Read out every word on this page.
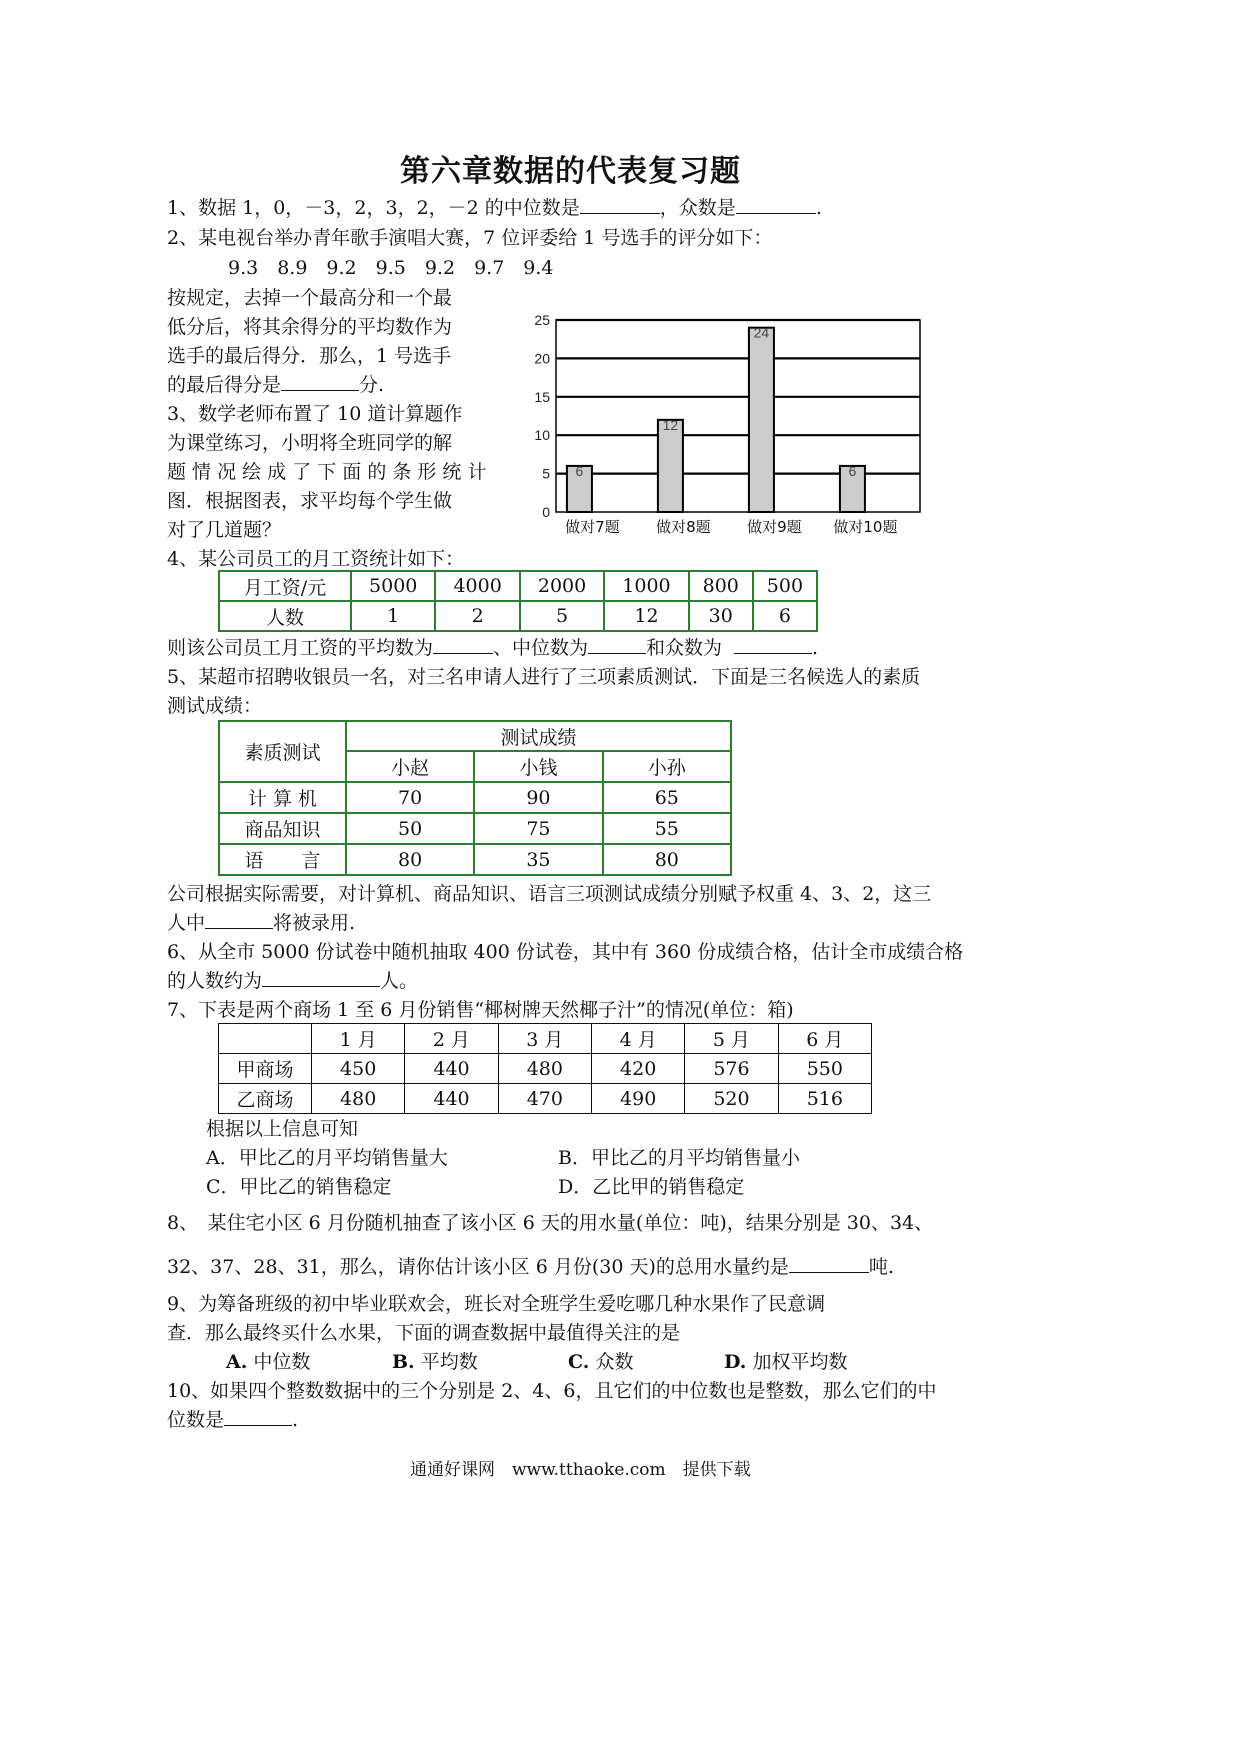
第六章数据的代表复习题
1、数据 1，0，－3，2，3，2，－2 的中位数是	，众数是	.
2、某电视台举办青年歌手演唱大赛，7 位评委给 1 号选手的评分如下：
9.3　8.9　9.2　9.5　9.2　9.7　9.4
按规定，去掉一个最高分和一个最
低分后，将其余得分的平均数作为
选手的最后得分．那么，1 号选手
的最后得分是	分.
3、数学老师布置了 10 道计算题作
为课堂练习，小明将全班同学的解
题 情 况 绘 成 了 下 面 的 条 形 统 计
图．根据图表，求平均每个学生做
对了几道题？
0
5
10
15
20
25
6
做对7题
12
做对8题
24
做对9题
6
做对10题
4、某公司员工的月工资统计如下：
月工资/元	5000	4000	2000	1000	800	500
人数	1	2	5	12	30	6
则该公司员工月工资的平均数为	、中位数为	和众数为	.
5、某超市招聘收银员一名，对三名申请人进行了三项素质测试．下面是三名候选人的素质
测试成绩：
素质测试	测试成绩		
	小赵	小钱	小孙
计 算 机	70	90	65
商品知识	50	75	55
语　　言	80	35	80
公司根据实际需要，对计算机、商品知识、语言三项测试成绩分别赋予权重 4、3、2，这三
人中	将被录用.
6、从全市 5000 份试卷中随机抽取 400 份试卷，其中有 360 份成绩合格，估计全市成绩合格
的人数约为	人。
7、下表是两个商场 1 至 6 月份销售“椰树牌天然椰子汁”的情况(单位：箱)
	1 月	2 月	3 月	4 月	5 月	6 月
甲商场	450	440	480	420	576	550
乙商场	480	440	470	490	520	516
根据以上信息可知
A．甲比乙的月平均销售量大	B．甲比乙的月平均销售量小
C．甲比乙的销售稳定	D．乙比甲的销售稳定
8、　某住宅小区 6 月份随机抽查了该小区 6 天的用水量(单位：吨)，结果分别是 30、34、
32、37、28、31，那么，请你估计该小区 6 月份(30 天)的总用水量约是	吨.
9、为筹备班级的初中毕业联欢会，班长对全班学生爱吃哪几种水果作了民意调
查．那么最终买什么水果，下面的调查数据中最值得关注的是
A. 中位数	B. 平均数	C. 众数	D. 加权平均数
10、如果四个整数数据中的三个分别是 2、4、6，且它们的中位数也是整数，那么它们的中
位数是	.
通通好课网　www.tthaoke.com　提供下载
